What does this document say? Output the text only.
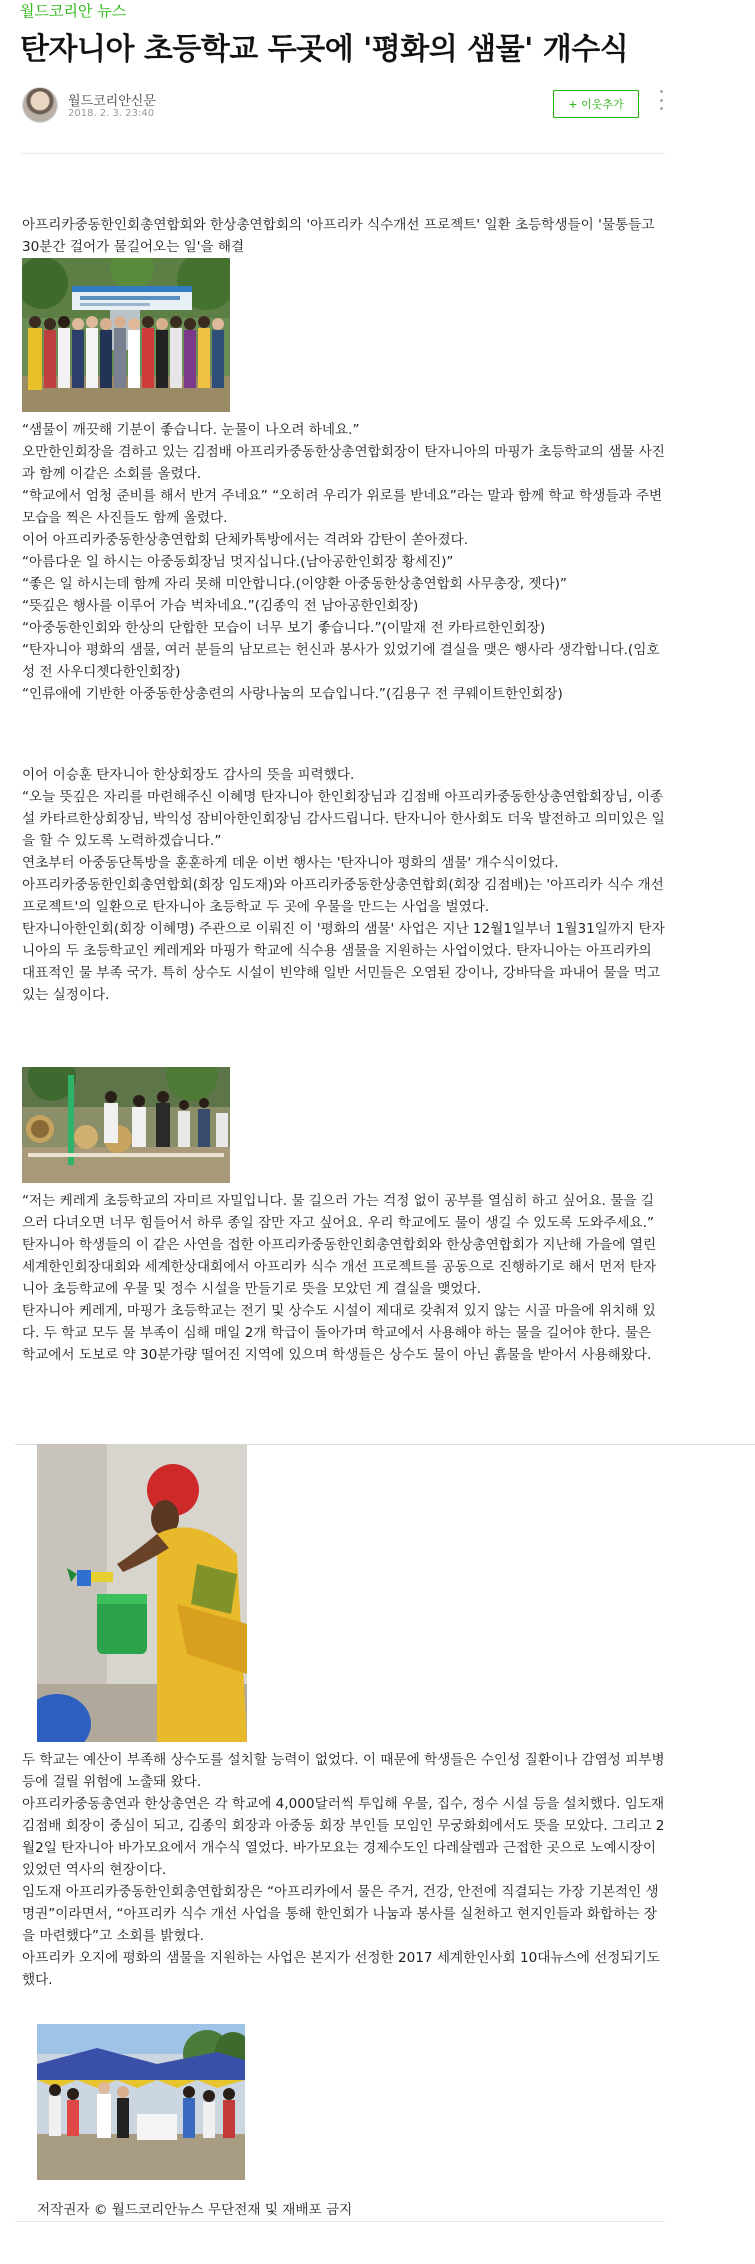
월드코리안 뉴스
탄자니아 초등학교 두곳에 '평화의 샘물' 개수식
월드코리안신문
2018. 2. 3. 23:40
+ 이웃추가

아프리카중동한인회총연합회와 한상총연합회의 '아프리카 식수개선 프로젝트' 일환 초등학생들이 '물통들고 30분간 걸어가 물길어오는 일'을 해결

“샘물이 깨끗해 기분이 좋습니다. 눈물이 나오려 하네요.”

오만한인회장을 겸하고 있는 김점배 아프리카중동한상총연합회장이 탄자니아의 마핑가 초등학교의 샘물 사진과 함께 이같은 소회를 올렸다.

“학교에서 엄청 준비를 해서 반겨 주네요” “오히려 우리가 위로를 받네요”라는 말과 함께 학교 학생들과 주변 모습을 찍은 사진들도 함께 올렸다.

이어 아프리카중동한상총연합회 단체카톡방에서는 격려와 감탄이 쏟아졌다.

“아름다운 일 하시는 아중동회장님 멋지십니다.(남아공한인회장 황세진)”

“좋은 일 하시는데 함께 자리 못해 미안합니다.(이양환 아중동한상총연합회 사무총장, 젯다)”

“뜻깊은 행사를 이루어 가슴 벅차네요.”(김종익 전 남아공한인회장)

“아중동한인회와 한상의 단합한 모습이 너무 보기 좋습니다.”(이말재 전 카타르한인회장)

“탄자니아 평화의 샘물, 여러 분들의 남모르는 헌신과 봉사가 있었기에 결실을 맺은 행사라 생각합니다.(임호성 전 사우디젯다한인회장)

“인류애에 기반한 아중동한상총련의 사랑나눔의 모습입니다.”(김용구 전 쿠웨이트한인회장)

이어 이승훈 탄자니아 한상회장도 감사의 뜻을 피력했다.

“오늘 뜻깊은 자리를 마련해주신 이혜명 탄자니아 한인회장님과 김점배 아프리카중동한상총연합회장님, 이종설 카타르한상회장님, 박익성 잠비아한인회장님 감사드립니다. 탄자니아 한사회도 더욱 발전하고 의미있은 일을 할 수 있도록 노력하겠습니다.”

연초부터 아중동단톡방을 훈훈하게 데운 이번 행사는 '탄자니아 평화의 샘물' 개수식이었다.

아프리카중동한인회총연합회(회장 임도재)와 아프리카중동한상총연합회(회장 김점배)는 '아프리카 식수 개선 프로젝트'의 일환으로 탄자니아 초등학교 두 곳에 우물을 만드는 사업을 벌였다.

탄자니아한인회(회장 이혜명) 주관으로 이뤄진 이 '평화의 샘물' 사업은 지난 12월1일부너 1월31일까지 탄자니아의 두 초등학교인 케레게와 마핑가 학교에 식수용 샘물을 지원하는 사업이었다. 탄자니아는 아프리카의 대표적인 물 부족 국가. 특히 상수도 시설이 빈약해 일반 서민들은 오염된 강이나, 강바닥을 파내어 물을 먹고 있는 실정이다.

“저는 케레게 초등학교의 자미르 자밀입니다. 물 길으러 가는 걱정 없이 공부를 열심히 하고 싶어요. 물을 길으러 다녀오면 너무 힘들어서 하루 종일 잠만 자고 싶어요. 우리 학교에도 물이 생길 수 있도록 도와주세요.”

탄자니아 학생들의 이 같은 사연을 접한 아프리카중동한인회총연합회와 한상총연합회가 지난해 가을에 열린 세계한인회장대회와 세계한상대회에서 아프리카 식수 개선 프로젝트를 공동으로 진행하기로 해서 먼저 탄자니아 초등학교에 우물 및 정수 시설을 만들기로 뜻을 모았던 게 결실을 맺었다.

탄자니아 케레게, 마핑가 초등학교는 전기 및 상수도 시설이 제대로 갖춰져 있지 않는 시골 마을에 위치해 있다. 두 학교 모두 물 부족이 심해 매일 2개 학급이 돌아가며 학교에서 사용해야 하는 물을 길어야 한다. 물은 학교에서 도보로 약 30분가량 떨어진 지역에 있으며 학생들은 상수도 물이 아닌 흙물을 받아서 사용해왔다.

두 학교는 예산이 부족해 상수도를 설치할 능력이 없었다. 이 때문에 학생들은 수인성 질환이나 감염성 피부병 등에 걸릴 위험에 노출돼 왔다.

아프리카중동총연과 한상총연은 각 학교에 4,000달러씩 투입해 우물, 집수, 정수 시설 등을 설치했다. 임도재 김점배 회장이 중심이 되고, 김종익 회장과 아중동 회장 부인들 모임인 무궁화회에서도 뜻을 모았다. 그리고 2월2일 탄자니아 바가모요에서 개수식 열었다. 바가모요는 경제수도인 다레살렘과 근접한 곳으로 노예시장이 있었던 역사의 현장이다.

임도재 아프리카중동한인회총연합회장은 “아프리카에서 물은 주거, 건강, 안전에 직결되는 가장 기본적인 생명권”이라면서, “아프리카 식수 개선 사업을 통해 한인회가 나눔과 봉사를 실천하고 현지인들과 화합하는 장을 마련했다”고 소회를 밝혔다.

아프리카 오지에 평화의 샘물을 지원하는 사업은 본지가 선정한 2017 세계한인사회 10대뉴스에 선정되기도 했다.

저작권자 © 월드코리안뉴스 무단전재 및 재배포 금지
